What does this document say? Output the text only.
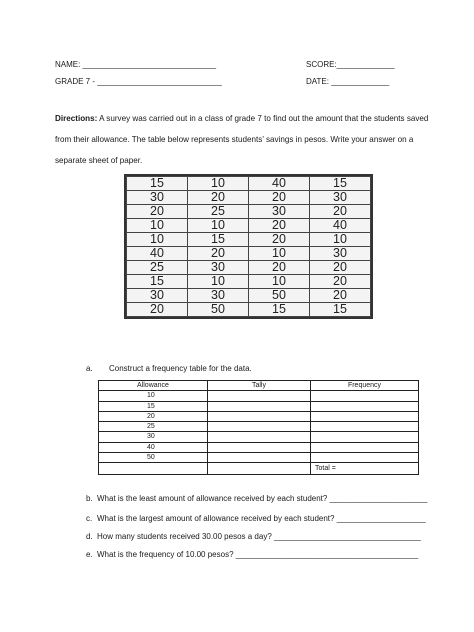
NAME: ______________________________	SCORE:_____________
GRADE 7 - ____________________________	DATE: _____________

Directions: A survey was carried out in a class of grade 7 to find out the amount that the students saved from their allowance. The table below represents students’ savings in pesos. Write your answer on a separate sheet of paper.

15	10	40	15
30	20	20	30
20	25	30	20
10	10	20	40
10	15	20	10
40	20	10	30
25	30	20	20
15	10	10	20
30	30	50	20
20	50	15	15
a. Construct a frequency table for the data.
Allowance	Tally	Frequency
10		
15		
20		
25		
30		
40		
50		
		Total =
b. What is the least amount of allowance received by each student? ______________________
c. What is the largest amount of allowance received by each student? ____________________
d. How many students received 30.00 pesos a day? _________________________________
e. What is the frequency of 10.00 pesos? _________________________________________
